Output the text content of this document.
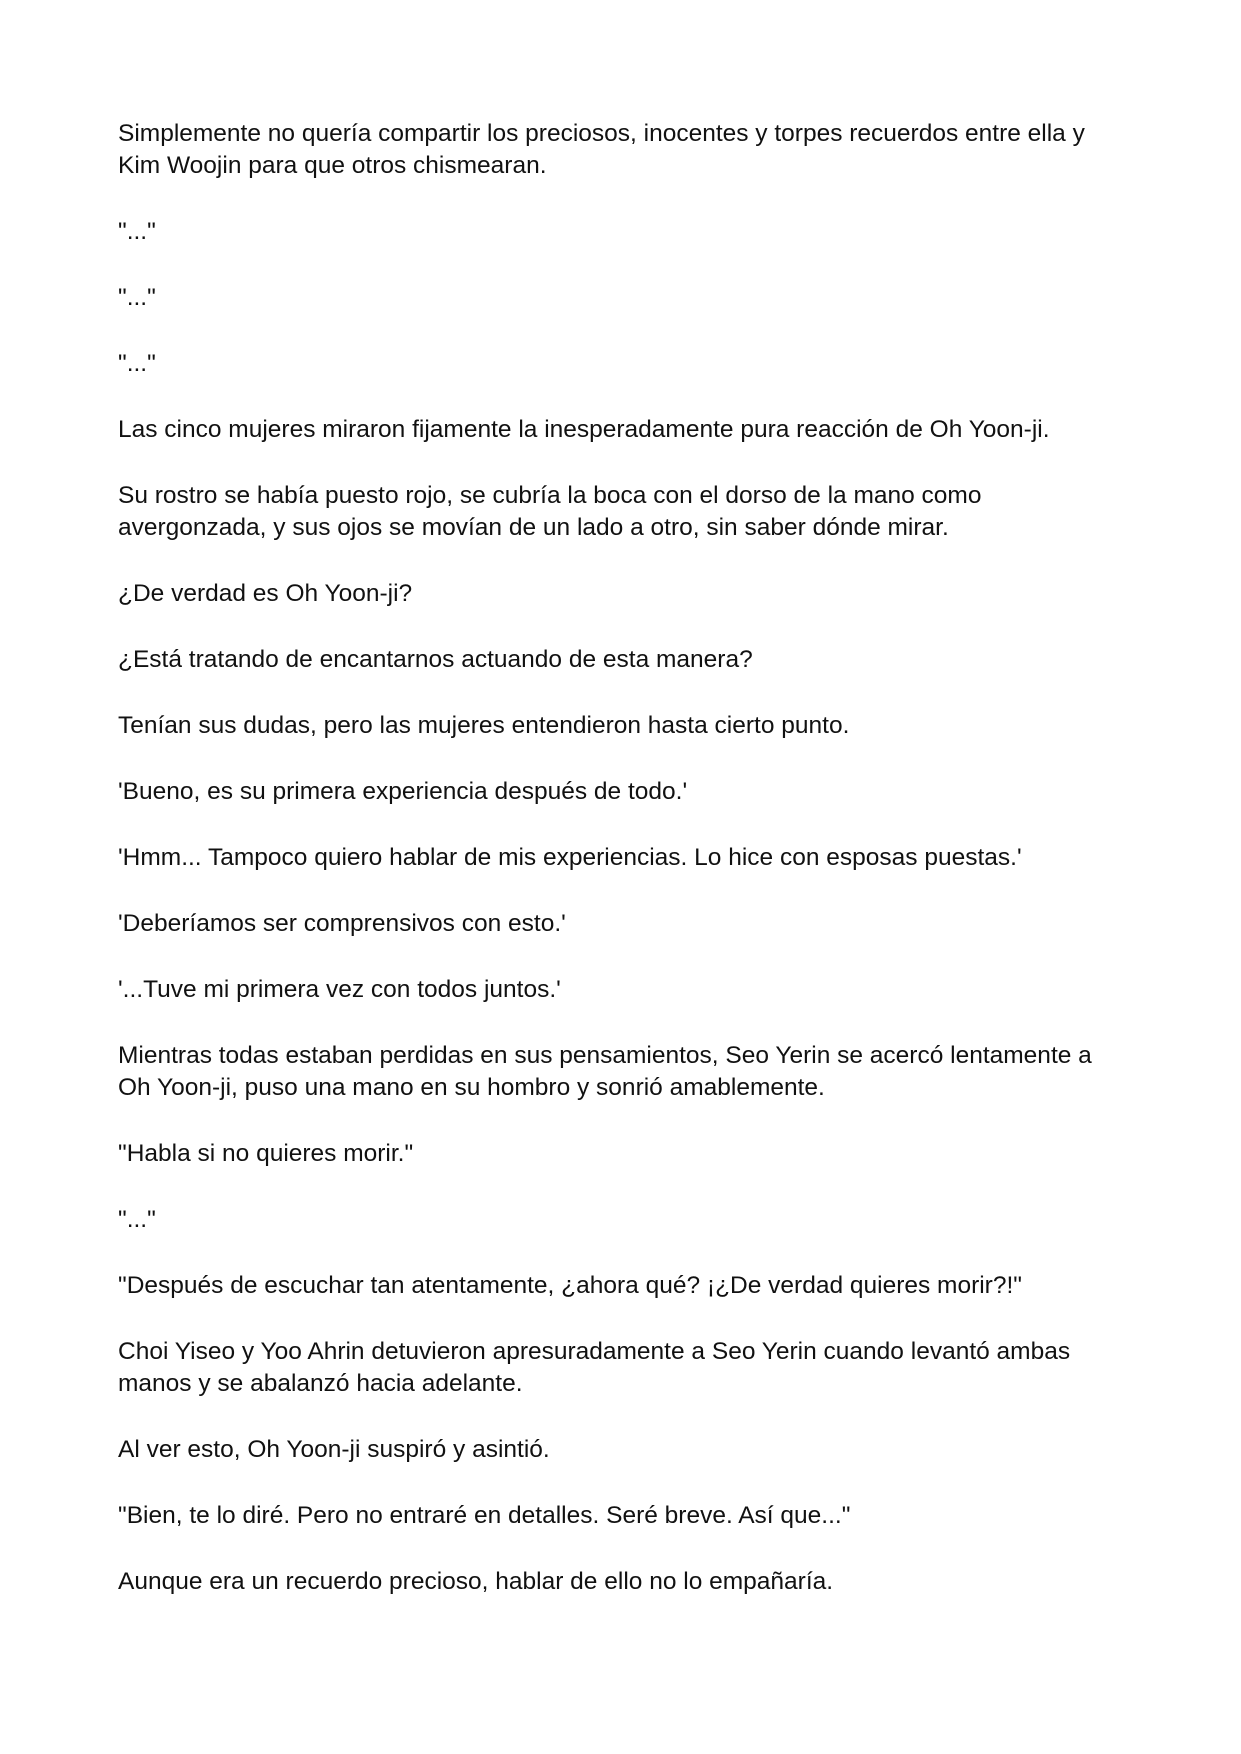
Simplemente no quería compartir los preciosos, inocentes y torpes recuerdos entre ella y Kim Woojin para que otros chismearan.

"..."

"..."

"..."

Las cinco mujeres miraron fijamente la inesperadamente pura reacción de Oh Yoon-ji.

Su rostro se había puesto rojo, se cubría la boca con el dorso de la mano como avergonzada, y sus ojos se movían de un lado a otro, sin saber dónde mirar.

¿De verdad es Oh Yoon-ji?

¿Está tratando de encantarnos actuando de esta manera?

Tenían sus dudas, pero las mujeres entendieron hasta cierto punto.

'Bueno, es su primera experiencia después de todo.'

'Hmm... Tampoco quiero hablar de mis experiencias. Lo hice con esposas puestas.'

'Deberíamos ser comprensivos con esto.'

'...Tuve mi primera vez con todos juntos.'

Mientras todas estaban perdidas en sus pensamientos, Seo Yerin se acercó lentamente a Oh Yoon-ji, puso una mano en su hombro y sonrió amablemente.

"Habla si no quieres morir."

"..."

"Después de escuchar tan atentamente, ¿ahora qué? ¡¿De verdad quieres morir?!"

Choi Yiseo y Yoo Ahrin detuvieron apresuradamente a Seo Yerin cuando levantó ambas manos y se abalanzó hacia adelante.

Al ver esto, Oh Yoon-ji suspiró y asintió.

"Bien, te lo diré. Pero no entraré en detalles. Seré breve. Así que..."

Aunque era un recuerdo precioso, hablar de ello no lo empañaría.
